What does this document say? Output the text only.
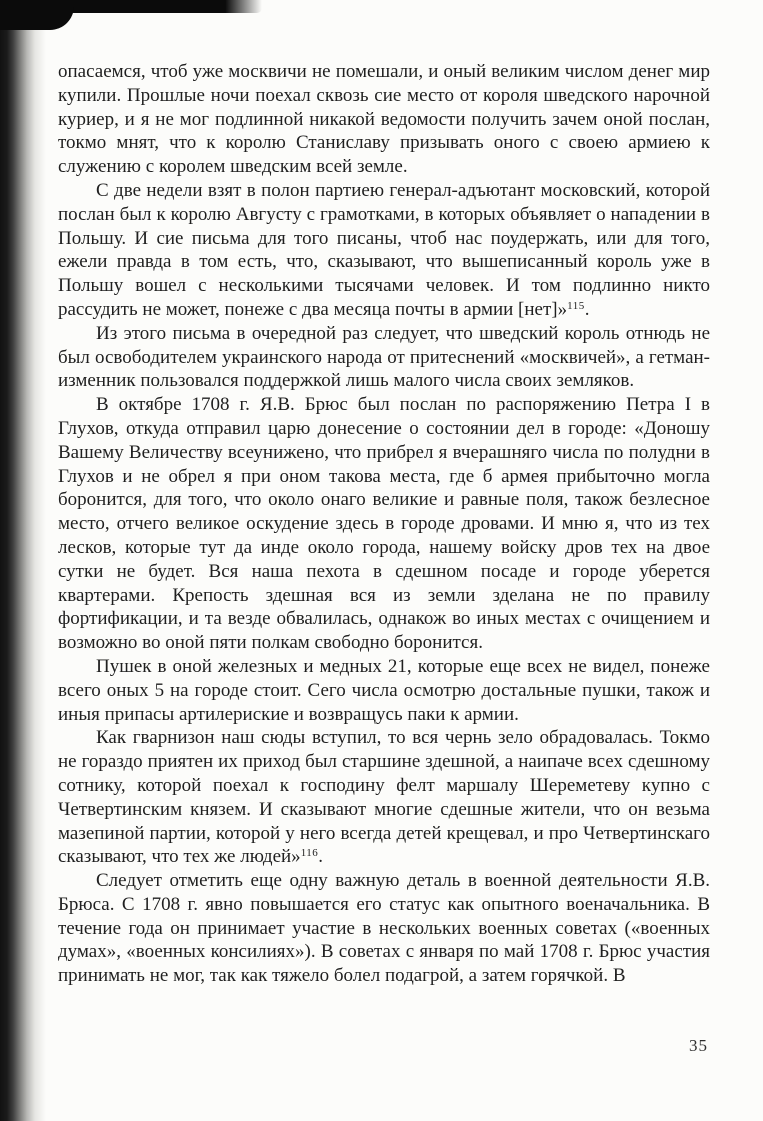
опасаемся, чтоб уже москвичи не помешали, и оный великим числом денег мир купили. Прошлые ночи поехал сквозь сие место от короля шведского нарочной куриер, и я не мог подлинной никакой ведомости получить зачем оной послан, токмо мнят, что к королю Станиславу призывать оного с своею армиею к служению с королем шведским всей земле.

С две недели взят в полон партиею генерал-адъютант московский, которой послан был к королю Августу с грамотками, в которых объявляет о нападении в Польшу. И сие письма для того писаны, чтоб нас поудержать, или для того, ежели правда в том есть, что, сказывают, что вышеписанный король уже в Польшу вошел с несколькими тысячами человек. И том подлинно никто рассудить не может, понеже с два месяца почты в армии [нет]»$^{115}$.

Из этого письма в очередной раз следует, что шведский король отнюдь не был освободителем украинского народа от притеснений «москвичей», а гетман-изменник пользовался поддержкой лишь малого числа своих земляков.

В октябре 1708 г. Я.В. Брюс был послан по распоряжению Петра I в Глухов, откуда отправил царю донесение о состоянии дел в городе: «Доношу Вашему Величеству всеунижено, что прибрел я вчерашняго числа по полудни в Глухов и не обрел я при оном такова места, где б армея прибыточно могла боронится, для того, что около онаго великие и равные поля, також безлесное место, отчего великое оскудение здесь в городе дровами. И мню я, что из тех лесков, которые тут да инде около города, нашему войску дров тех на двое сутки не будет. Вся наша пехота в сдешном посаде и городе уберется квартерами. Крепость здешная вся из земли зделана не по правилу фортификации, и та везде обвалилась, однакож во иных местах с очищением и возможно во оной пяти полкам свободно боронится.

Пушек в оной железных и медных 21, которые еще всех не видел, понеже всего оных 5 на городе стоит. Сего числа осмотрю достальные пушки, також и иныя припасы артилериские и возвращусь паки к армии.

Как гварнизон наш сюды вступил, то вся чернь зело обрадовалась. Токмо не гораздо приятен их приход был старшине здешной, а наипаче всех сдешному сотнику, которой поехал к господину фелт маршалу Шереметеву купно с Четвертинским князем. И сказывают многие сдешные жители, что он везьма мазепиной партии, которой у него всегда детей крещевал, и про Четвертинскаго сказывают, что тех же людей»$^{116}$.

Следует отметить еще одну важную деталь в военной деятельности Я.В. Брюса. С 1708 г. явно повышается его статус как опытного военачальника. В течение года он принимает участие в нескольких военных советах («военных думах», «военных консилиях»). В советах с января по май 1708 г. Брюс участия принимать не мог, так как тяжело болел подагрой, а затем горячкой. В

35
